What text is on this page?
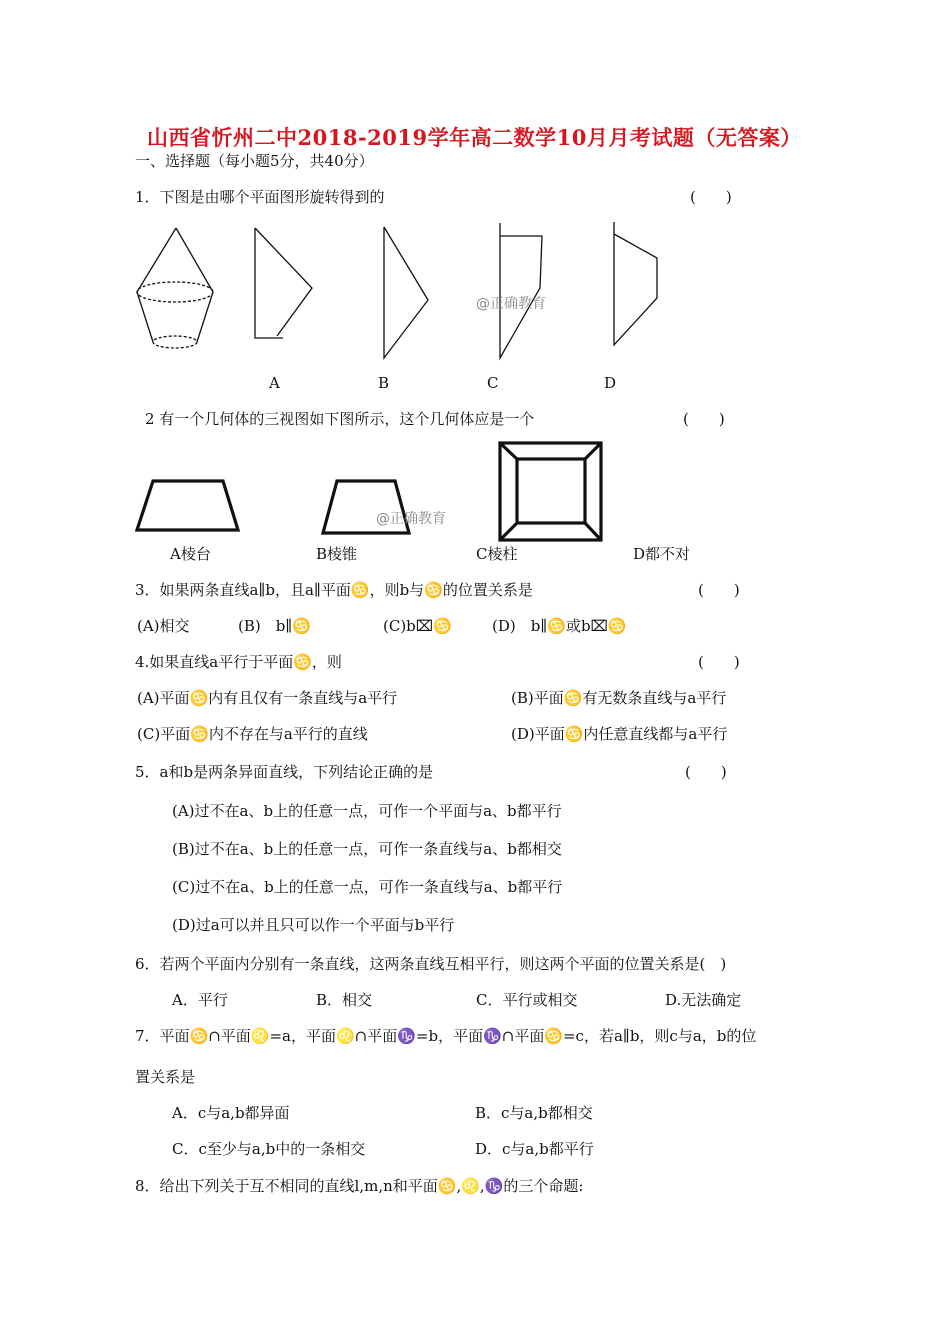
山西省忻州二中2018-2019学年高二数学10月月考试题（无答案）
一、选择题（每小题5分，共40分）
1．下图是由哪个平面图形旋转得到的	(　　)
@正确教育
A	B	C	D
2 有一个几何体的三视图如下图所示，这个几何体应是一个	(　　)
@正确教育
A棱台	B棱锥	C棱柱	D都不对
3．如果两条直线a∥b，且a∥平面♋，则b与♋的位置关系是	(　　)
(A)相交	(B)　b∥♋	(C)b⌧♋	(D)　b∥♋或b⌧♋
4.如果直线a平行于平面♋，则	(　　)
(A)平面♋内有且仅有一条直线与a平行	(B)平面♋有无数条直线与a平行
(C)平面♋内不存在与a平行的直线	(D)平面♋内任意直线都与a平行
5．a和b是两条异面直线，下列结论正确的是	(　　)
(A)过不在a、b上的任意一点，可作一个平面与a、b都平行
(B)过不在a、b上的任意一点，可作一条直线与a、b都相交
(C)过不在a、b上的任意一点，可作一条直线与a、b都平行
(D)过a可以并且只可以作一个平面与b平行
6．若两个平面内分别有一条直线，这两条直线互相平行，则这两个平面的位置关系是(　)
A．平行	B．相交	C．平行或相交	D.无法确定
7．平面♋∩平面♌=a，平面♌∩平面♑=b，平面♑∩平面♋=c，若a∥b，则c与a，b的位
置关系是
A．c与a,b都异面	B．c与a,b都相交
C．c至少与a,b中的一条相交	D．c与a,b都平行
8．给出下列关于互不相同的直线l,m,n和平面♋,♌,♑的三个命题:
